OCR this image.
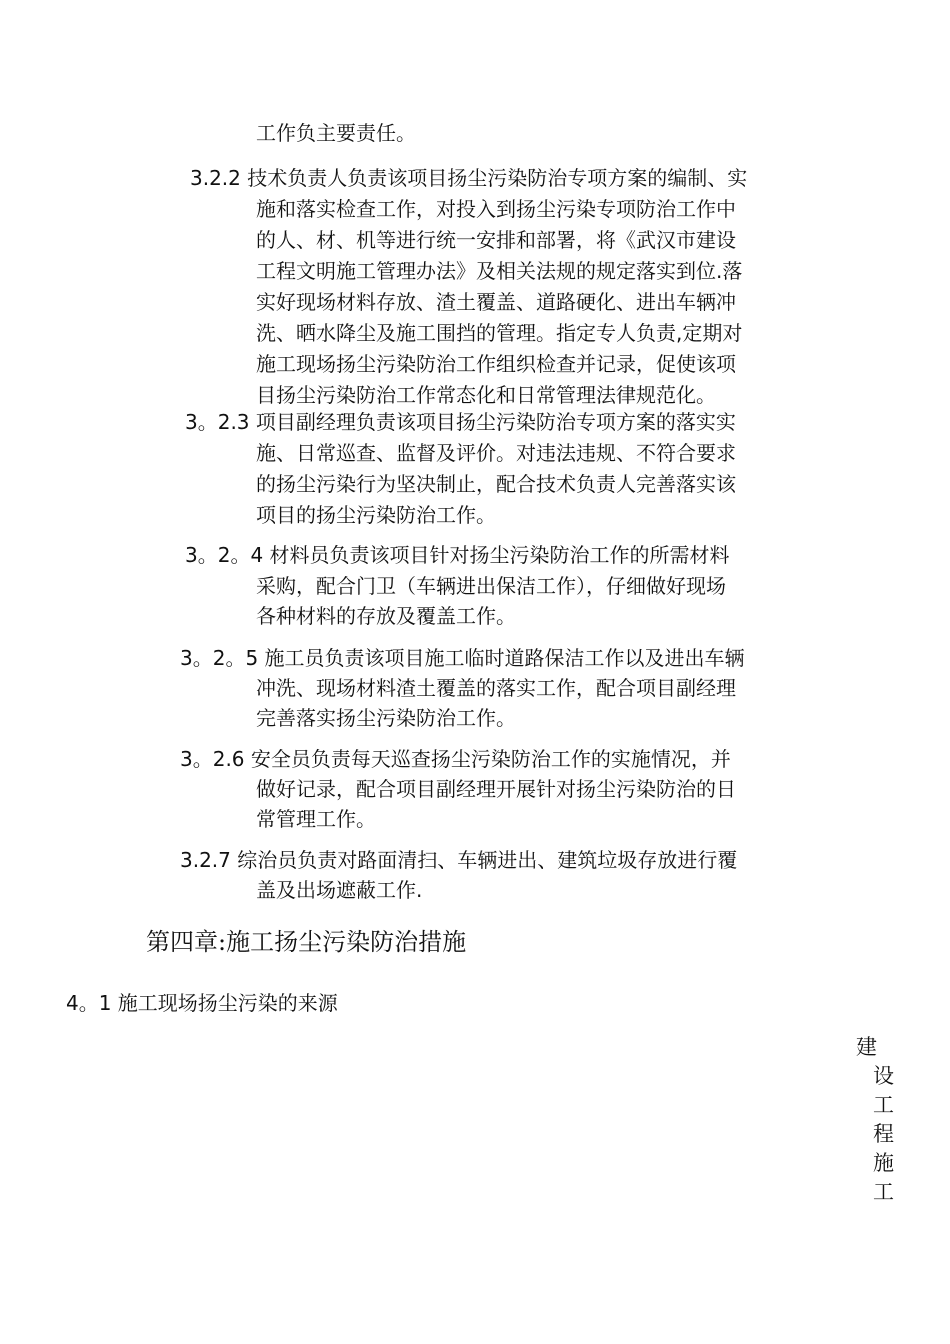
工作负主要责任。
3.2.2 技术负责人负责该项目扬尘污染防治专项方案的编制、实
施和落实检查工作，对投入到扬尘污染专项防治工作中
的人、材、机等进行统一安排和部署，将《武汉市建设
工程文明施工管理办法》及相关法规的规定落实到位.落
实好现场材料存放、渣土覆盖、道路硬化、进出车辆冲
洗、晒水降尘及施工围挡的管理。指定专人负责,定期对
施工现场扬尘污染防治工作组织检查并记录，促使该项
目扬尘污染防治工作常态化和日常管理法律规范化。
3。2.3 项目副经理负责该项目扬尘污染防治专项方案的落实实
施、日常巡查、监督及评价。对违法违规、不符合要求
的扬尘污染行为坚决制止，配合技术负责人完善落实该
项目的扬尘污染防治工作。
3。2。4 材料员负责该项目针对扬尘污染防治工作的所需材料
采购，配合门卫（车辆进出保洁工作），仔细做好现场
各种材料的存放及覆盖工作。
3。2。5 施工员负责该项目施工临时道路保洁工作以及进出车辆
冲洗、现场材料渣土覆盖的落实工作，配合项目副经理
完善落实扬尘污染防治工作。
3。2.6 安全员负责每天巡查扬尘污染防治工作的实施情况，并
做好记录，配合项目副经理开展针对扬尘污染防治的日
常管理工作。
3.2.7 综治员负责对路面清扫、车辆进出、建筑垃圾存放进行覆
盖及出场遮蔽工作.
第四章:施工扬尘污染防治措施
4。1 施工现场扬尘污染的来源
建
设
工
程
施
工
